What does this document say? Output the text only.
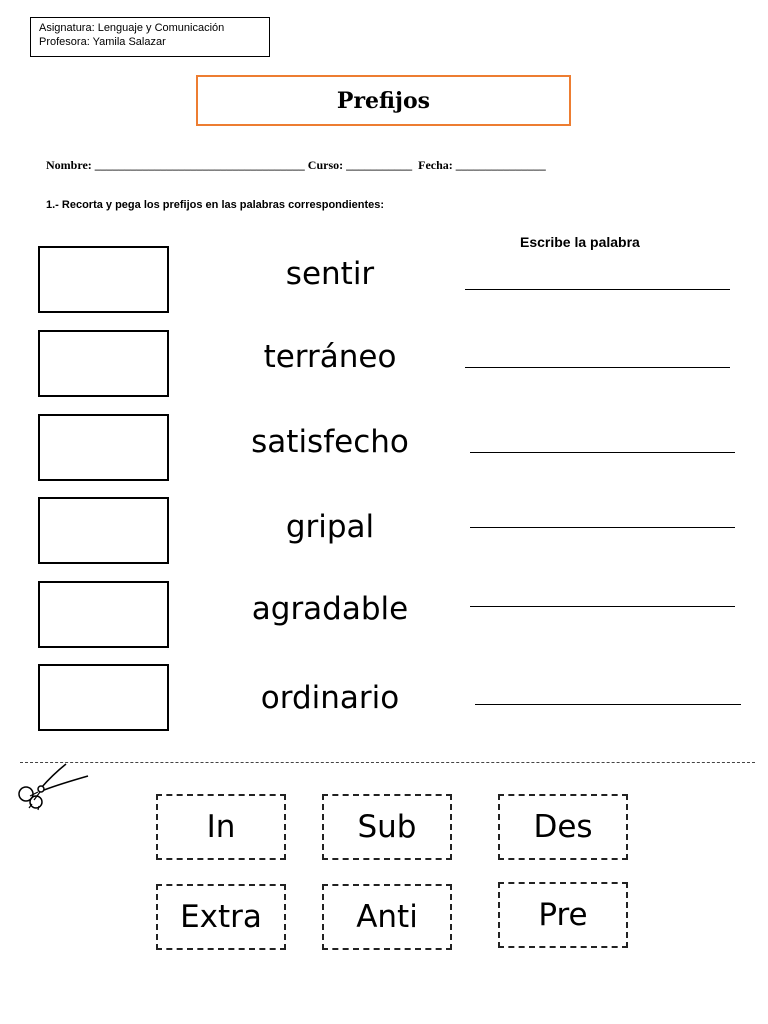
Asignatura: Lenguaje y Comunicación
Profesora: Yamila Salazar
Prefijos
Nombre: ___________________________________ Curso: ___________ Fecha: _______________
1.- Recorta y pega los prefijos en las palabras correspondientes:
Escribe la palabra
sentir
terráneo
satisfecho
gripal
agradable
ordinario
In	Sub	Des
Extra	Anti	Pre
